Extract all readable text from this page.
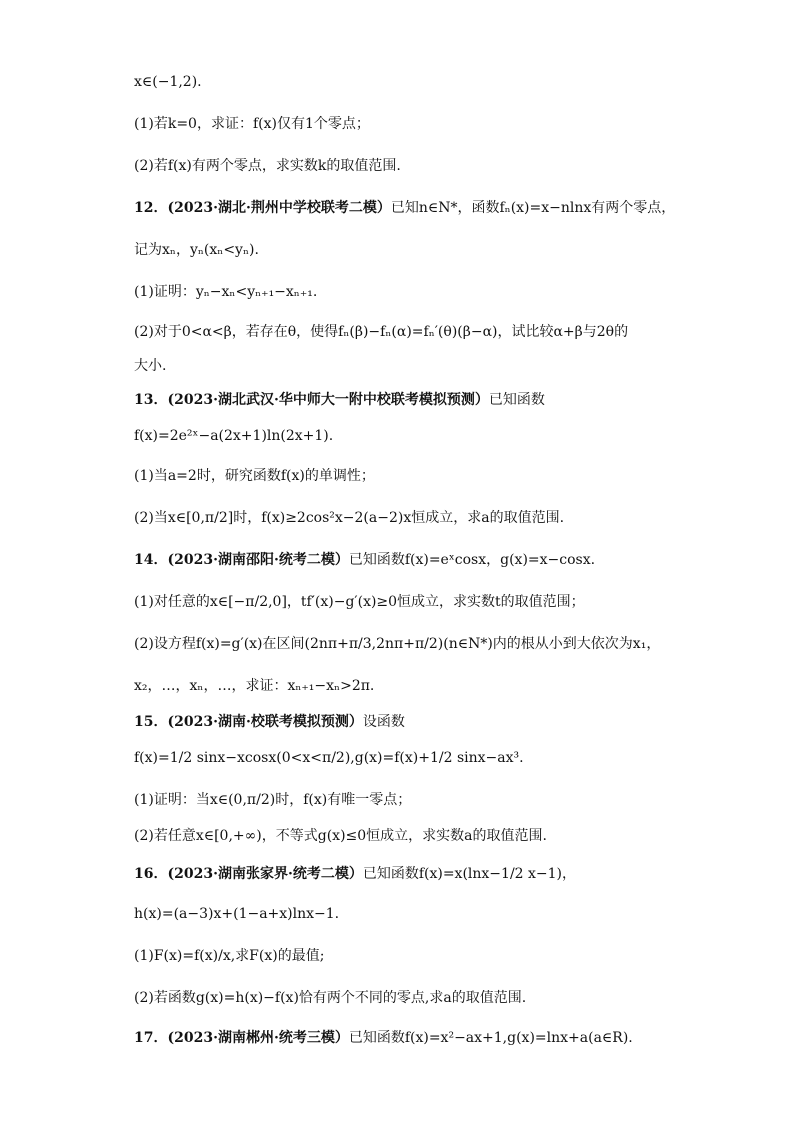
x∈(−1,2).
(1)若k=0，求证：f(x)仅有1个零点；
(2)若f(x)有两个零点，求实数k的取值范围.
12．(2023·湖北·荆州中学校联考二模）已知n∈N*，函数fₙ(x)=x−nlnx有两个零点，
记为xₙ，yₙ(xₙ<yₙ).
(1)证明：yₙ−xₙ<yₙ₊₁−xₙ₊₁.
(2)对于0<α<β，若存在θ，使得fₙ(β)−fₙ(α)=fₙ′(θ)(β−α)，试比较α+β与2θ的
大小.
13．(2023·湖北武汉·华中师大一附中校联考模拟预测）已知函数
f(x)=2e²ˣ−a(2x+1)ln(2x+1).
(1)当a=2时，研究函数f(x)的单调性；
(2)当x∈[0,π/2]时，f(x)≥2cos²x−2(a−2)x恒成立，求a的取值范围.
14．(2023·湖南邵阳·统考二模）已知函数f(x)=eˣcosx，g(x)=x−cosx.
(1)对任意的x∈[−π/2,0]，tf′(x)−g′(x)≥0恒成立，求实数t的取值范围；
(2)设方程f(x)=g′(x)在区间(2nπ+π/3,2nπ+π/2)(n∈N*)内的根从小到大依次为x₁，
x₂，…，xₙ，…，求证：xₙ₊₁−xₙ>2π.
15．(2023·湖南·校联考模拟预测）设函数
f(x)=1/2 sinx−xcosx(0<x<π/2),g(x)=f(x)+1/2 sinx−ax³.
(1)证明：当x∈(0,π/2)时，f(x)有唯一零点；
(2)若任意x∈[0,+∞)，不等式g(x)≤0恒成立，求实数a的取值范围.
16．(2023·湖南张家界·统考二模）已知函数f(x)=x(lnx−1/2 x−1)，
h(x)=(a−3)x+(1−a+x)lnx−1.
(1)F(x)=f(x)/x,求F(x)的最值;
(2)若函数g(x)=h(x)−f(x)恰有两个不同的零点,求a的取值范围.
17．(2023·湖南郴州·统考三模）已知函数f(x)=x²−ax+1,g(x)=lnx+a(a∈R).
